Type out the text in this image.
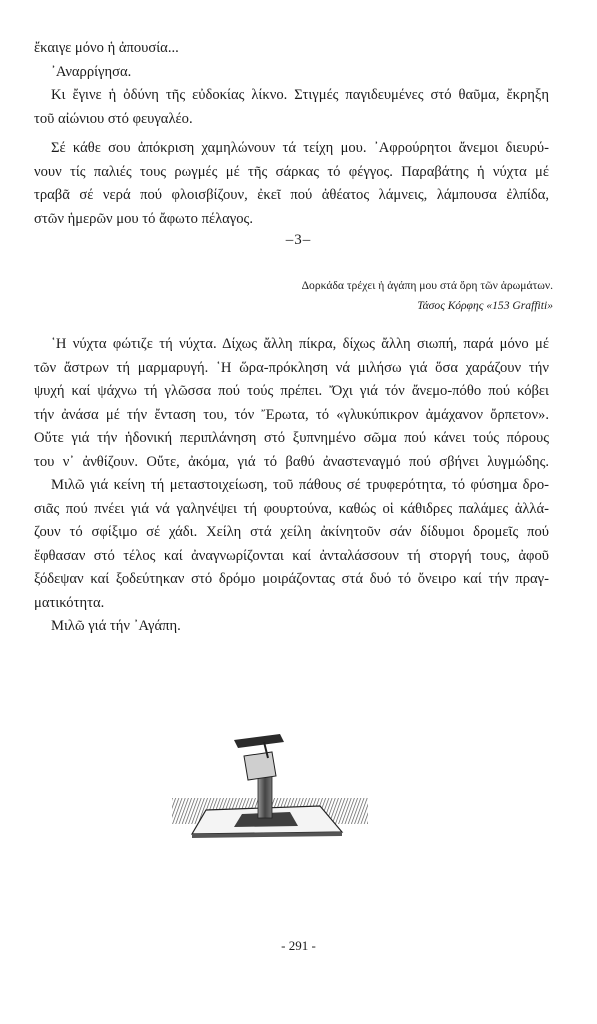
ἔκαιγε μόνο ἡ ἀπουσία...
᾽Αναρρίγησα.
Κι ἔγινε ἡ ὀδύνη τῆς εὐδοκίας λίκνο. Στιγμές παγιδευμένες στό θαῦμα, ἔκρηξη
τοῦ αἰώνιου στό φευγαλέο.
Σέ κάθε σου ἀπόκριση χαμηλώνουν τά τείχη μου. ᾽Αφρούρητοι ἄνεμοι διευρύ-
νουν τίς παλιές τους ρωγμές μέ τῆς σάρκας τό φέγγος. Παραβάτης ἡ νύχτα μέ
τραβᾶ σέ νερά πού φλοισβίζουν, ἐκεῖ πού ἀθέατος λάμνεις, λάμπουσα ἐλπίδα,
στῶν ἡμερῶν μου τό ἄφωτο πέλαγος.
–3–
Δορκάδα τρέχει ἡ ἀγάπη μου στά ὄρη τῶν ἀρωμάτων.
Τάσος Κόρφης «153 Graffiti»
῾Η νύχτα φώτιζε τή νύχτα. Δίχως ἄλλη πίκρα, δίχως ἄλλη σιωπή, παρά μόνο μέ
τῶν ἄστρων τή μαρμαρυγή. ῾Η ὥρα-πρόκληση νά μιλήσω γιά ὅσα χαράζουν τήν
ψυχή καί ψάχνω τή γλῶσσα πού τούς πρέπει. Ὄχι γιά τόν ἄνεμο-πόθο πού κόβει
τήν ἀνάσα μέ τήν ἔνταση του, τόν Ἔρωτα, τό «γλυκύπικρον ἀμάχανον ὄρπετον».
Οὔτε γιά τήν ἡδονική περιπλάνηση στό ξυπνημένο σῶμα πού κάνει τούς πόρους
του ν᾽ ἀνθίζουν. Οὔτε, ἀκόμα, γιά τό βαθύ ἀναστεναγμό πού σβήνει λυγμώδης.
Μιλῶ γιά κείνη τή μεταστοιχείωση, τοῦ πάθους σέ τρυφερότητα, τό φύσημα δρο-
σιᾶς πού πνέει γιά νά γαληνέψει τή φουρτούνα, καθώς οἱ κάθιδρες παλάμες ἀλλά-
ζουν τό σφίξιμο σέ χάδι. Χείλη στά χείλη ἀκίνητοῦν σάν δίδυμοι δρομεῖς πού
ἔφθασαν στό τέλος καί ἀναγνωρίζονται καί ἀνταλάσσουν τή στοργή τους, ἀφοῦ
ξόδεψαν καί ξοδεύτηκαν στό δρόμο μοιράζοντας στά δυό τό ὄνειρο καί τήν πραγ-
ματικότητα.
Μιλῶ γιά τήν ᾽Αγάπη.
- 291 -
